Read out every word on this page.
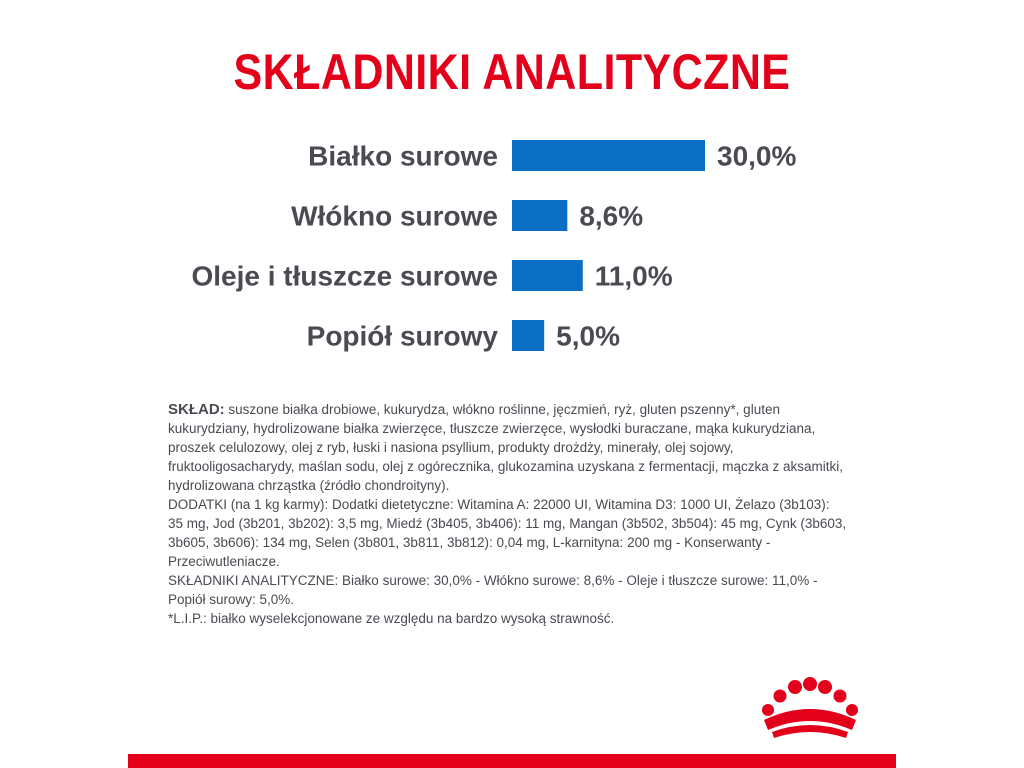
SKŁADNIKI ANALITYCZNE
Białko surowe	30,0%
Włókno surowe	8,6%
Oleje i tłuszcze surowe	11,0%
Popiół surowy 5,0%

SKŁAD: suszone białka drobiowe, kukurydza, włókno roślinne, jęczmień, ryż, gluten pszenny*, gluten kukurydziany, hydrolizowane białka zwierzęce, tłuszcze zwierzęce, wysłodki buraczane, mąka kukurydziana, proszek celulozowy, olej z ryb, łuski i nasiona psyllium, produkty drożdży, minerały, olej sojowy, fruktooligosacharydy, maślan sodu, olej z ogórecznika, glukozamina uzyskana z fermentacji, mączka z aksamitki, hydrolizowana chrząstka (źródło chondroityny).

DODATKI (na 1 kg karmy): Dodatki dietetyczne: Witamina A: 22000 UI, Witamina D3: 1000 UI, Żelazo (3b103): 35 mg, Jod (3b201, 3b202): 3,5 mg, Miedź (3b405, 3b406): 11 mg, Mangan (3b502, 3b504): 45 mg, Cynk (3b603, 3b605, 3b606): 134 mg, Selen (3b801, 3b811, 3b812): 0,04 mg, L-karnityna: 200 mg - Konserwanty - Przeciwutleniacze.

SKŁADNIKI ANALITYCZNE: Białko surowe: 30,0% - Włókno surowe: 8,6% - Oleje i tłuszcze surowe: 11,0% - Popiół surowy: 5,0%.

*L.I.P.: białko wyselekcjonowane ze względu na bardzo wysoką strawność.
